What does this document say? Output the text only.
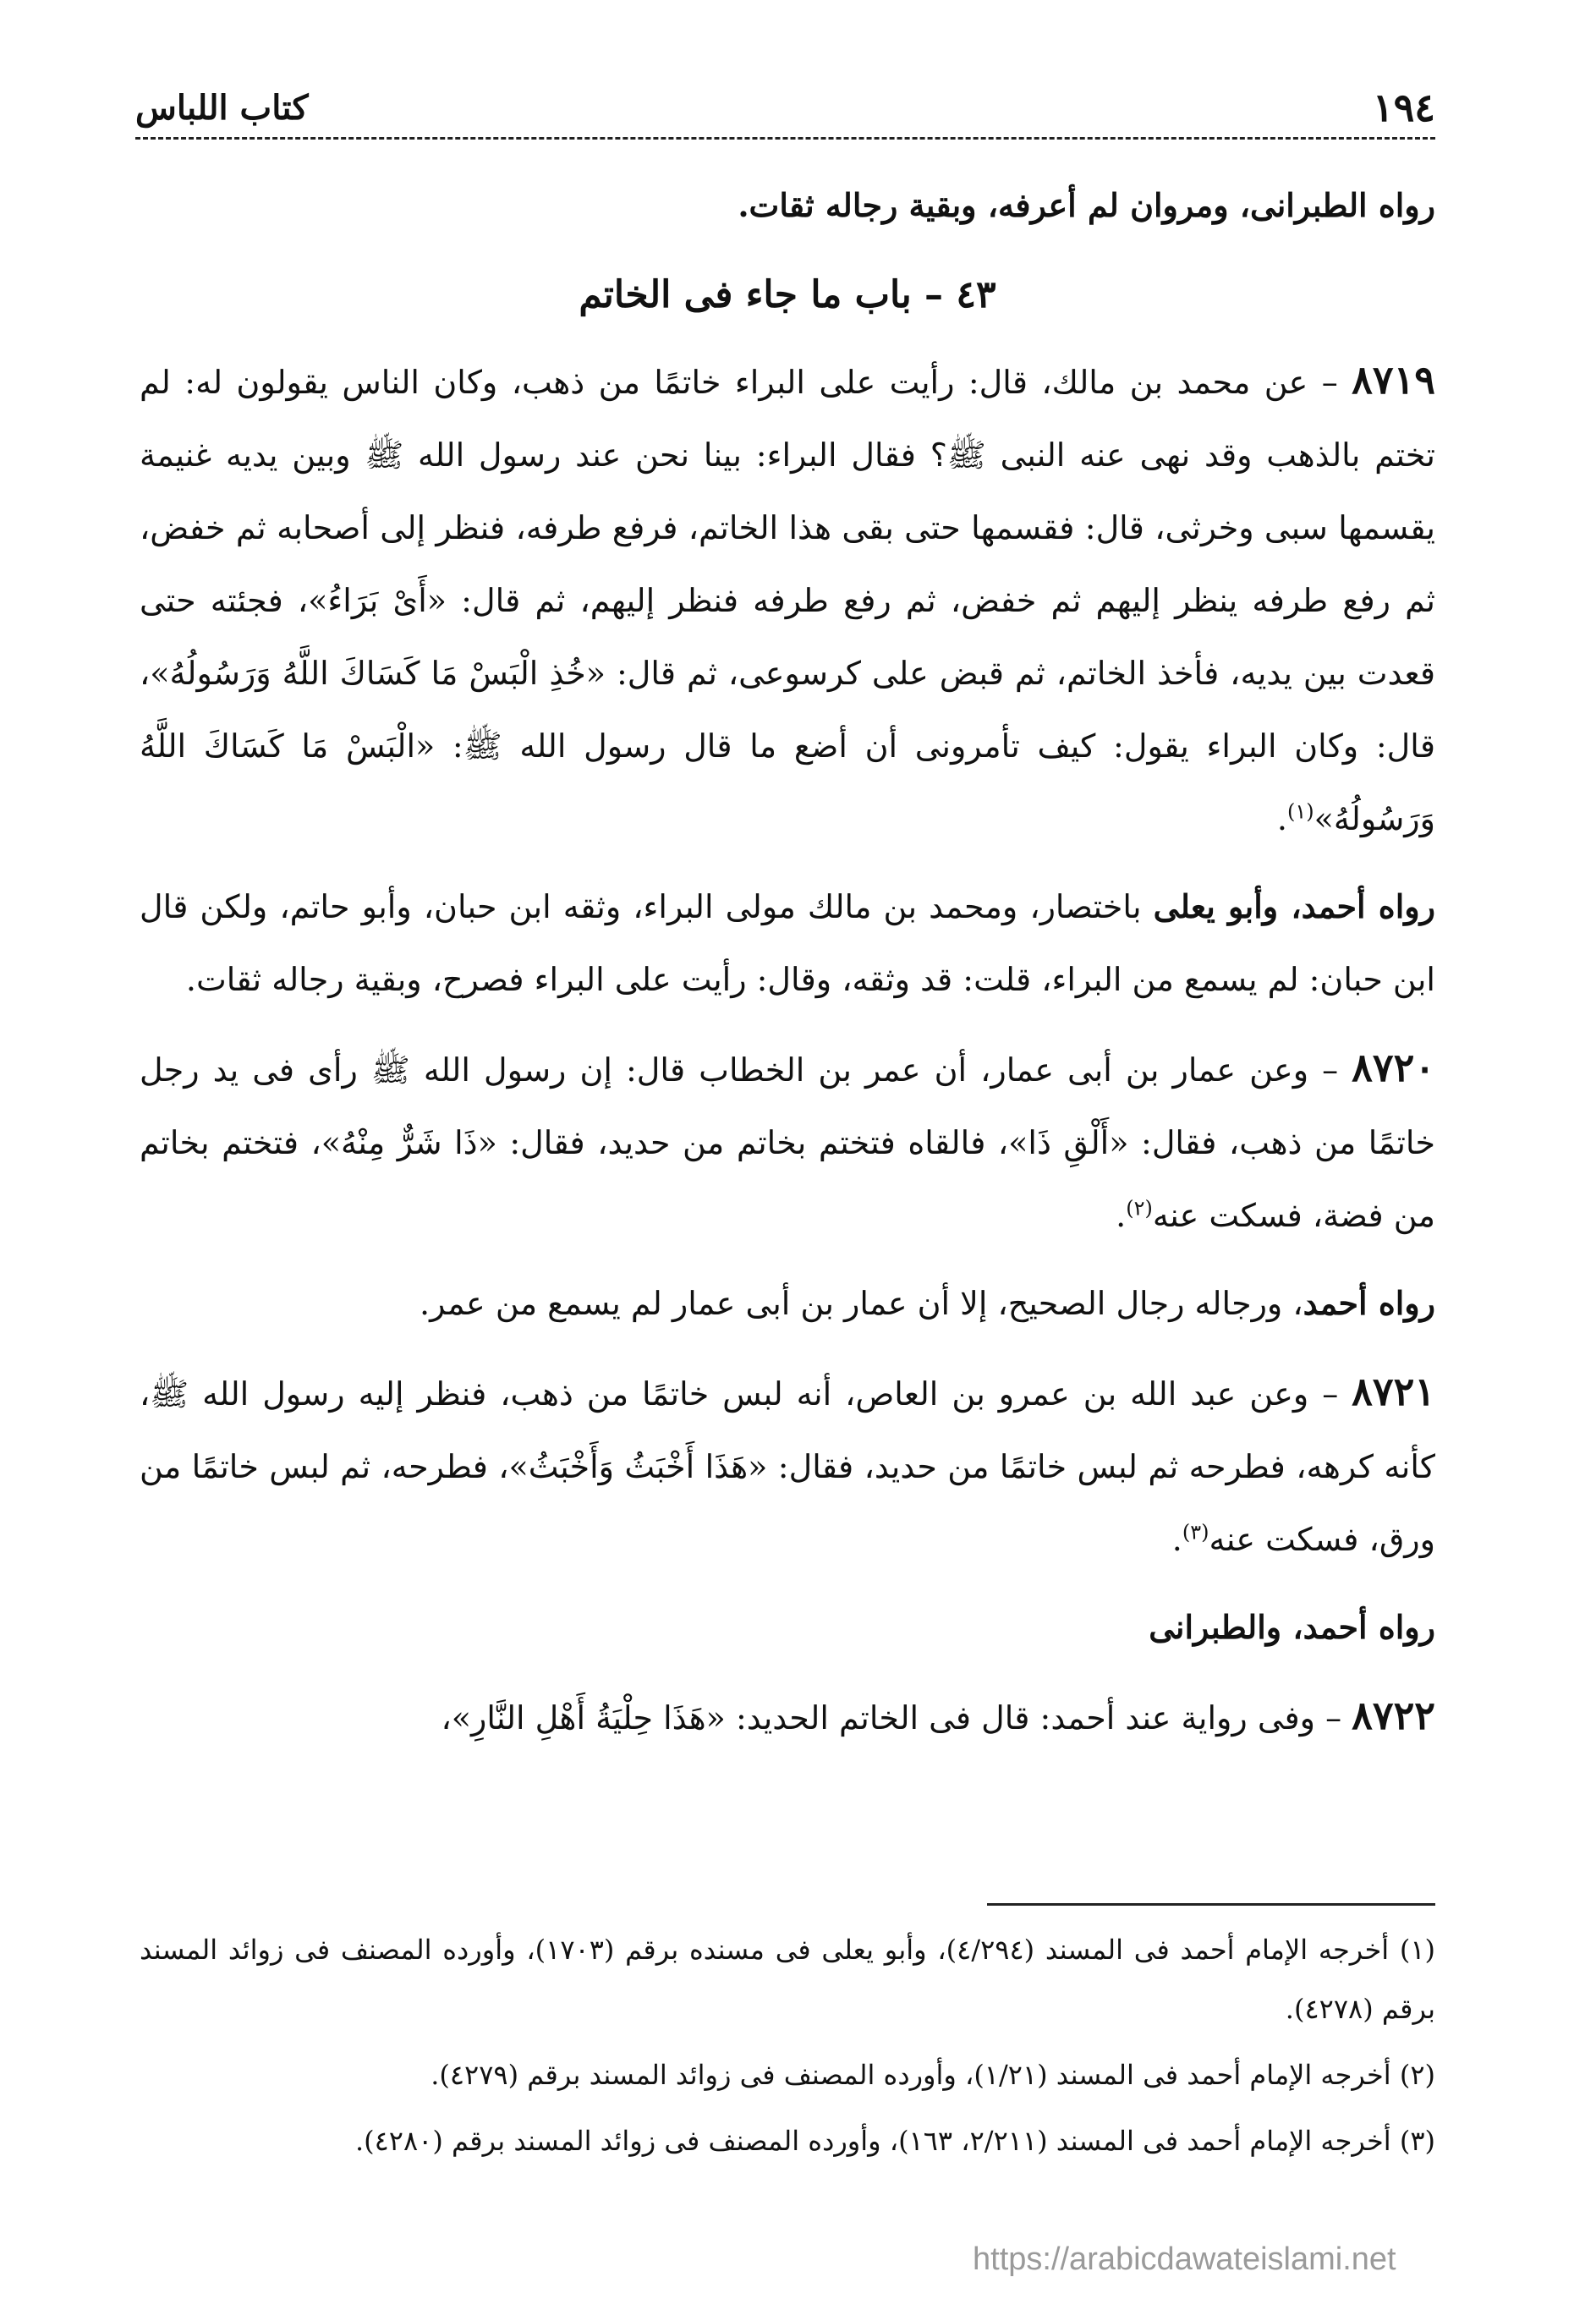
١٩٤
كتاب اللباس

رواه الطبرانى، ومروان لم أعرفه، وبقية رجاله ثقات.

٤٣ – باب ما جاء فى الخاتم

٨٧١٩ – عن محمد بن مالك، قال: رأيت على البراء خاتمًا من ذهب، وكان الناس يقولون له: لم تختم بالذهب وقد نهى عنه النبى ﷺ؟ فقال البراء: بينا نحن عند رسول الله ﷺ وبين يديه غنيمة يقسمها سبى وخرثى، قال: فقسمها حتى بقى هذا الخاتم، فرفع طرفه، فنظر إلى أصحابه ثم خفض، ثم رفع طرفه ينظر إليهم ثم خفض، ثم رفع طرفه فنظر إليهم، ثم قال: «أَىْ بَرَاءُ»، فجئته حتى قعدت بين يديه، فأخذ الخاتم، ثم قبض على كرسوعى، ثم قال: «خُذِ الْبَسْ مَا كَسَاكَ اللَّهُ وَرَسُولُهُ»، قال: وكان البراء يقول: كيف تأمرونى أن أضع ما قال رسول الله ﷺ: «الْبَسْ مَا كَسَاكَ اللَّهُ وَرَسُولُهُ»$^{(١)}$.

رواه أحمد، وأبو يعلى باختصار، ومحمد بن مالك مولى البراء، وثقه ابن حبان، وأبو حاتم، ولكن قال ابن حبان: لم يسمع من البراء، قلت: قد وثقه، وقال: رأيت على البراء فصرح، وبقية رجاله ثقات.

٨٧٢٠ – وعن عمار بن أبى عمار، أن عمر بن الخطاب قال: إن رسول الله ﷺ رأى فى يد رجل خاتمًا من ذهب، فقال: «أَلْقِ ذَا»، فالقاه فتختم بخاتم من حديد، فقال: «ذَا شَرٌّ مِنْهُ»، فتختم بخاتم من فضة، فسكت عنه$^{(٢)}$.

رواه أحمد، ورجاله رجال الصحيح، إلا أن عمار بن أبى عمار لم يسمع من عمر.

٨٧٢١ – وعن عبد الله بن عمرو بن العاص، أنه لبس خاتمًا من ذهب، فنظر إليه رسول الله ﷺ، كأنه كرهه، فطرحه ثم لبس خاتمًا من حديد، فقال: «هَذَا أَخْبَثُ وَأَخْبَثُ»، فطرحه، ثم لبس خاتمًا من ورق، فسكت عنه$^{(٣)}$.

رواه أحمد، والطبرانى

٨٧٢٢ – وفى رواية عند أحمد: قال فى الخاتم الحديد: «هَذَا حِلْيَةُ أَهْلِ النَّارِ»،

(١) أخرجه الإمام أحمد فى المسند (٤/٢٩٤)، وأبو يعلى فى مسنده برقم (١٧٠٣)، وأورده المصنف فى زوائد المسند برقم (٤٢٧٨).

(٢) أخرجه الإمام أحمد فى المسند (١/٢١)، وأورده المصنف فى زوائد المسند برقم (٤٢٧٩).

(٣) أخرجه الإمام أحمد فى المسند (٢/٢١١، ١٦٣)، وأورده المصنف فى زوائد المسند برقم (٤٢٨٠).

https://arabicdawateislami.net
